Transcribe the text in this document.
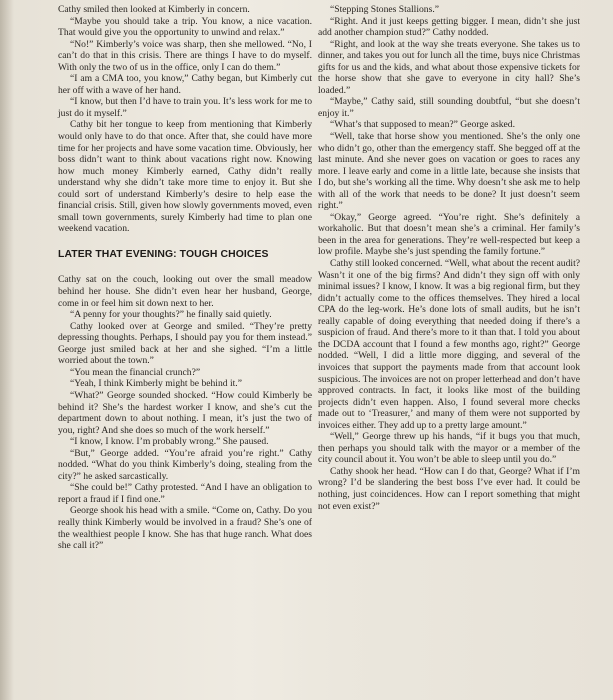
Cathy smiled then looked at Kimberly in concern.

“Maybe you should take a trip. You know, a nice vacation. That would give you the opportunity to unwind and relax.”

“No!” Kimberly’s voice was sharp, then she mellowed. “No, I can’t do that in this crisis. There are things I have to do myself. With only the two of us in the office, only I can do them.”

“I am a CMA too, you know,” Cathy began, but Kimberly cut her off with a wave of her hand.

“I know, but then I’d have to train you. It’s less work for me to just do it myself.”

Cathy bit her tongue to keep from mentioning that Kimberly would only have to do that once. After that, she could have more time for her projects and have some vacation time. Obviously, her boss didn’t want to think about vacations right now. Knowing how much money Kimberly earned, Cathy didn’t really understand why she didn’t take more time to enjoy it. But she could sort of understand Kimberly’s desire to help ease the financial crisis. Still, given how slowly governments moved, even small town governments, surely Kimberly had time to plan one weekend vacation.

LATER THAT EVENING: TOUGH CHOICES

Cathy sat on the couch, looking out over the small meadow behind her house. She didn’t even hear her husband, George, come in or feel him sit down next to her.

“A penny for your thoughts?” he finally said quietly.

Cathy looked over at George and smiled. “They’re pretty depressing thoughts. Perhaps, I should pay you for them instead.” George just smiled back at her and she sighed. “I’m a little worried about the town.”

“You mean the financial crunch?”

“Yeah, I think Kimberly might be behind it.”

“What?” George sounded shocked. “How could Kimberly be behind it? She’s the hardest worker I know, and she’s cut the department down to about nothing. I mean, it’s just the two of you, right? And she does so much of the work herself.”

“I know, I know. I’m probably wrong.” She paused.

“But,” George added. “You’re afraid you’re right.” Cathy nodded. “What do you think Kimberly’s doing, stealing from the city?” he asked sarcastically.

“She could be!” Cathy protested. “And I have an obligation to report a fraud if I find one.”

George shook his head with a smile. “Come on, Cathy. Do you really think Kimberly would be involved in a fraud? She’s one of the wealthiest people I know. She has that huge ranch. What does she call it?”

“Stepping Stones Stallions.”

“Right. And it just keeps getting bigger. I mean, didn’t she just add another champion stud?” Cathy nodded.

“Right, and look at the way she treats everyone. She takes us to dinner, and takes you out for lunch all the time, buys nice Christmas gifts for us and the kids, and what about those expensive tickets for the horse show that she gave to everyone in city hall? She’s loaded.”

“Maybe,” Cathy said, still sounding doubtful, “but she doesn’t enjoy it.”

“What’s that supposed to mean?” George asked.

“Well, take that horse show you mentioned. She’s the only one who didn’t go, other than the emergency staff. She begged off at the last minute. And she never goes on vacation or goes to races any more. I leave early and come in a little late, because she insists that I do, but she’s working all the time. Why doesn’t she ask me to help with all of the work that needs to be done? It just doesn’t seem right.”

“Okay,” George agreed. “You’re right. She’s definitely a workaholic. But that doesn’t mean she’s a criminal. Her family’s been in the area for generations. They’re well-respected but keep a low profile. Maybe she’s just spending the family fortune.”

Cathy still looked concerned. “Well, what about the recent audit? Wasn’t it one of the big firms? And didn’t they sign off with only minimal issues? I know, I know. It was a big regional firm, but they didn’t actually come to the offices themselves. They hired a local CPA do the leg-work. He’s done lots of small audits, but he isn’t really capable of doing everything that needed doing if there’s a suspicion of fraud. And there’s more to it than that. I told you about the DCDA account that I found a few months ago, right?” George nodded. “Well, I did a little more digging, and several of the invoices that support the payments made from that account look suspicious. The invoices are not on proper letterhead and don’t have approved contracts. In fact, it looks like most of the building projects didn’t even happen. Also, I found several more checks made out to ‘Treasurer,’ and many of them were not supported by invoices either. They add up to a pretty large amount.”

“Well,” George threw up his hands, “if it bugs you that much, then perhaps you should talk with the mayor or a member of the city council about it. You won’t be able to sleep until you do.”

Cathy shook her head. “How can I do that, George? What if I’m wrong? I’d be slandering the best boss I’ve ever had. It could be nothing, just coincidences. How can I report something that might not even exist?”
